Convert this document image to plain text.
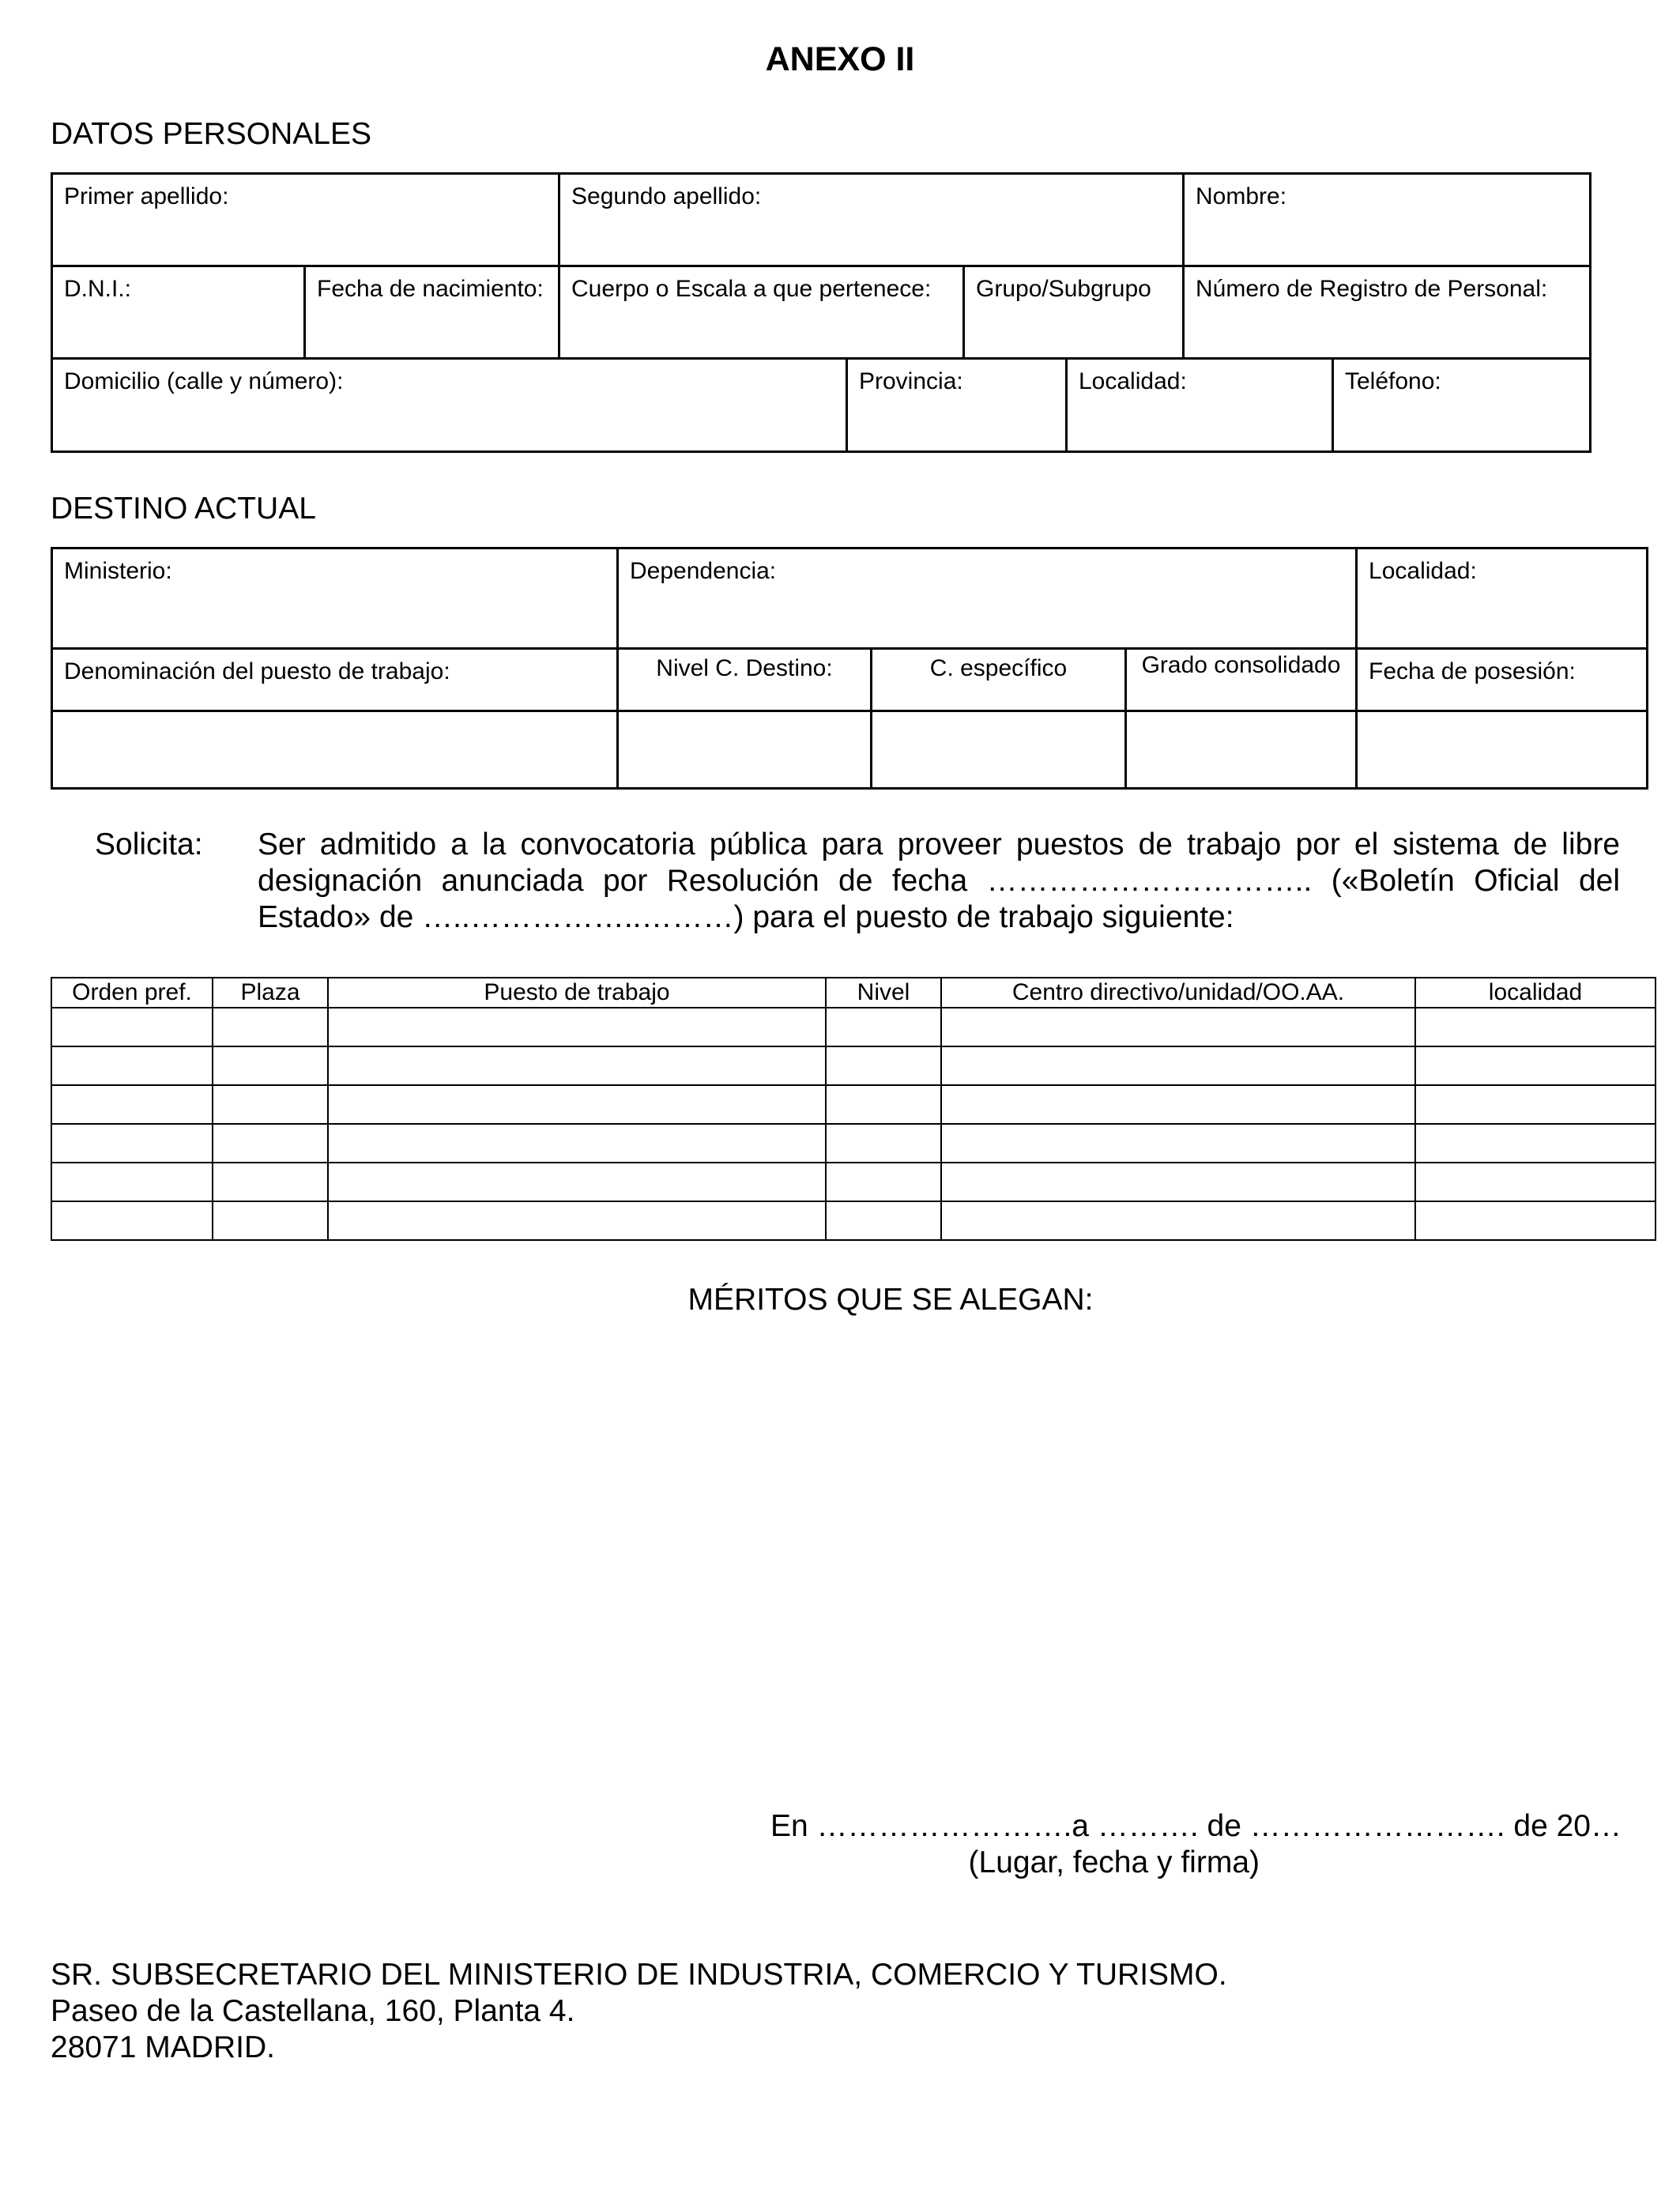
ANEXO II
DATOS PERSONALES
Primer apellido:		Segundo apellido:		Nombre:

D.N.I.:	Fecha de nacimiento:	Cuerpo o Escala a que pertenece:	Grupo/Subgrupo	Número de Registro de Personal:
Domicilio (calle y número):	Provincia:	Localidad:	Teléfono:
DESTINO ACTUAL
Ministerio:	Dependencia:			Localidad:

Denominación del puesto de trabajo:	Nivel C. Destino:	C. específico	Grado consolidado	Fecha de posesión:

Solicita: Ser admitido a la convocatoria pública para proveer puestos de trabajo por el sistema de libre designación anunciada por Resolución de fecha ………………………….. («Boletín Oficial del Estado» de …..……………..………) para el puesto de trabajo siguiente:
Orden pref.	Plaza	Puesto de trabajo	Nivel	Centro directivo/unidad/OO.AA.	localidad

MÉRITOS QUE SE ALEGAN:
En …………………….a ………. de ……………………. de 20…
(Lugar, fecha y firma)
SR. SUBSECRETARIO DEL MINISTERIO DE INDUSTRIA, COMERCIO Y TURISMO.
Paseo de la Castellana, 160, Planta 4.
28071 MADRID.
